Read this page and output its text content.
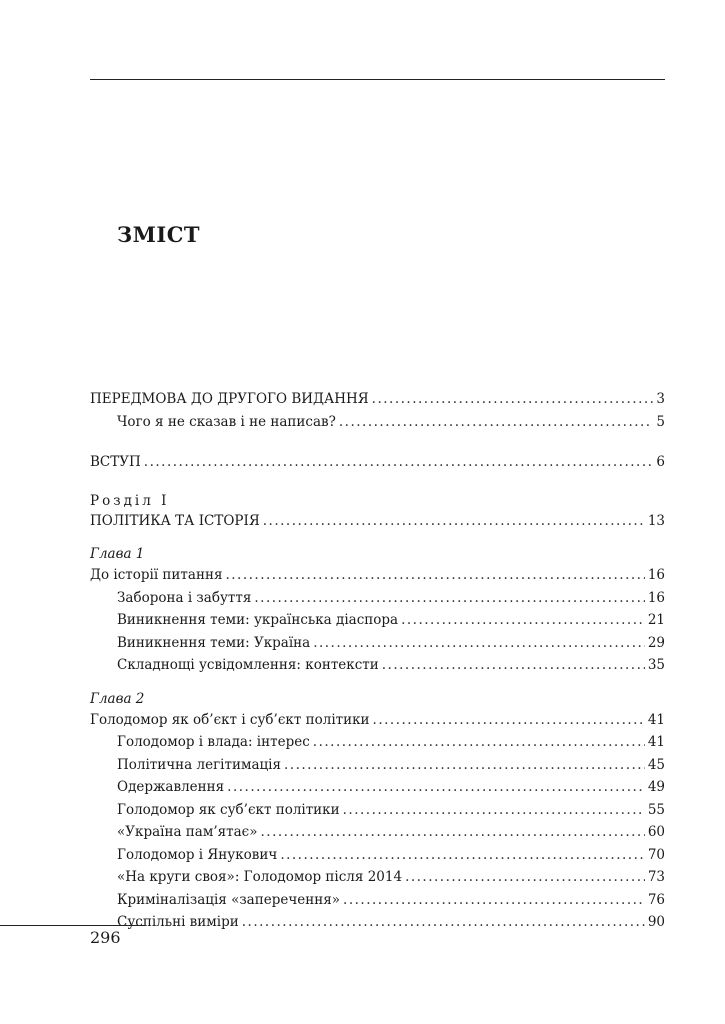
ЗМІСТ
ПЕРЕДМОВА ДО ДРУГОГО ВИДАННЯ .....	3
Чого я не сказав і не написав? .....	5
ВСТУП .....	6
Розділ І
ПОЛІТИКА ТА ІСТОРІЯ .....	13
Глава 1
До історії питання .....	16
Заборона і забуття .....	16
Виникнення теми: українська діаспора .....	21
Виникнення теми: Україна .....	29
Складнощі усвідомлення: контексти .....	35
Глава 2
Голодомор як об’єкт і суб’єкт політики .....	41
Голодомор і влада: інтерес .....	41
Політична легітимація .....	45
Одержавлення .....	49
Голодомор як суб’єкт політики .....	55
«Україна пам’ятає» .....	60
Голодомор і Янукович .....	70
«На круги своя»: Голодомор після 2014 .....	73
Криміналізація «заперечення» .....	76
Суспільні виміри .....	90
296
